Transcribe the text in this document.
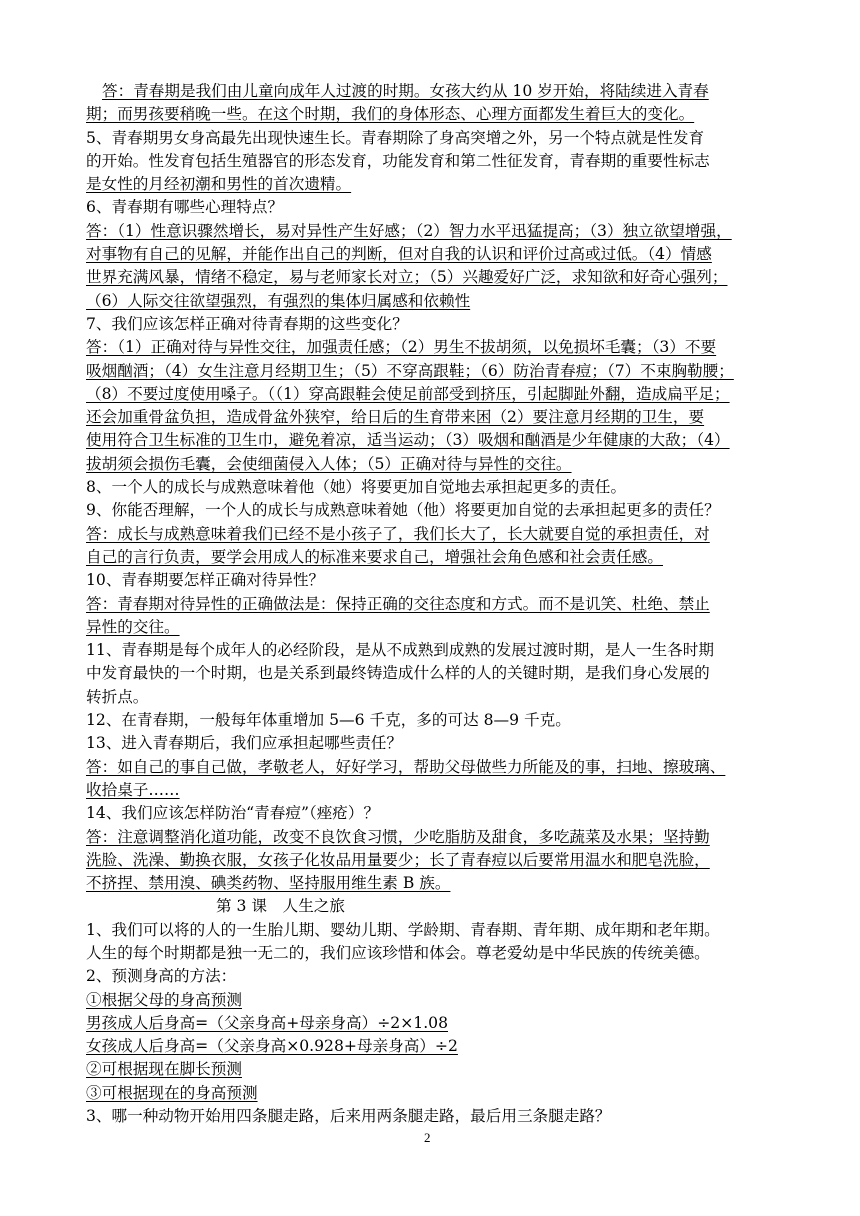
答：青春期是我们由儿童向成年人过渡的时期。女孩大约从 10 岁开始，将陆续进入青春
期；而男孩要稍晚一些。在这个时期，我们的身体形态、心理方面都发生着巨大的变化。
5、青春期男女身高最先出现快速生长。青春期除了身高突增之外，另一个特点就是性发育
的开始。性发育包括生殖器官的形态发育，功能发育和第二性征发育，青春期的重要性标志
是女性的月经初潮和男性的首次遗精。
6、青春期有哪些心理特点？
答：（1）性意识骤然增长，易对异性产生好感；（2）智力水平迅猛提高；（3）独立欲望增强，
对事物有自己的见解，并能作出自己的判断，但对自我的认识和评价过高或过低。（4）情感
世界充满风暴，情绪不稳定，易与老师家长对立；（5）兴趣爱好广泛，求知欲和好奇心强列；
（6）人际交往欲望强烈，有强烈的集体归属感和依赖性
7、我们应该怎样正确对待青春期的这些变化？
答：（1）正确对待与异性交往，加强责任感；（2）男生不拔胡须，以免损坏毛囊；（3）不要
吸烟酗酒；（4）女生注意月经期卫生；（5）不穿高跟鞋；（6）防治青春痘；（7）不束胸勒腰；
（8）不要过度使用嗓子。（（1）穿高跟鞋会使足前部受到挤压，引起脚趾外翻，造成扁平足；
还会加重骨盆负担，造成骨盆外狭窄，给日后的生育带来困（2）要注意月经期的卫生，要
使用符合卫生标准的卫生巾，避免着凉，适当运动；（3）吸烟和酗酒是少年健康的大敌；（4）
拔胡须会损伤毛囊，会使细菌侵入人体；（5）正确对待与异性的交往。
8、一个人的成长与成熟意味着他（她）将要更加自觉地去承担起更多的责任。
9、你能否理解，一个人的成长与成熟意味着她（他）将要更加自觉的去承担起更多的责任？
答：成长与成熟意味着我们已经不是小孩子了，我们长大了，长大就要自觉的承担责任，对
自己的言行负责，要学会用成人的标准来要求自己，增强社会角色感和社会责任感。
10、青春期要怎样正确对待异性？
答：青春期对待异性的正确做法是：保持正确的交往态度和方式。而不是讥笑、杜绝、禁止
异性的交往。
11、青春期是每个成年人的必经阶段，是从不成熟到成熟的发展过渡时期，是人一生各时期
中发育最快的一个时期，也是关系到最终铸造成什么样的人的关键时期，是我们身心发展的
转折点。
12、在青春期，一般每年体重增加 5—6 千克，多的可达 8—9 千克。
13、进入青春期后，我们应承担起哪些责任？
答：如自己的事自己做，孝敬老人，好好学习，帮助父母做些力所能及的事，扫地、擦玻璃、
收拾桌子……
14、我们应该怎样防治“青春痘”（痤疮）？
答：注意调整消化道功能，改变不良饮食习惯，少吃脂肪及甜食，多吃蔬菜及水果；坚持勤
洗脸、洗澡、勤换衣服，女孩子化妆品用量要少；长了青春痘以后要常用温水和肥皂洗脸，
不挤捏、禁用溴、碘类药物、坚持服用维生素 B 族。
第 3 课　人生之旅
1、我们可以将的人的一生胎儿期、婴幼儿期、学龄期、青春期、青年期、成年期和老年期。
人生的每个时期都是独一无二的，我们应该珍惜和体会。尊老爱幼是中华民族的传统美德。
2、预测身高的方法：
①根据父母的身高预测
男孩成人后身高=（父亲身高+母亲身高）÷2×1.08
女孩成人后身高=（父亲身高×0.928+母亲身高）÷2
②可根据现在脚长预测
③可根据现在的身高预测
3、哪一种动物开始用四条腿走路，后来用两条腿走路，最后用三条腿走路？
2
